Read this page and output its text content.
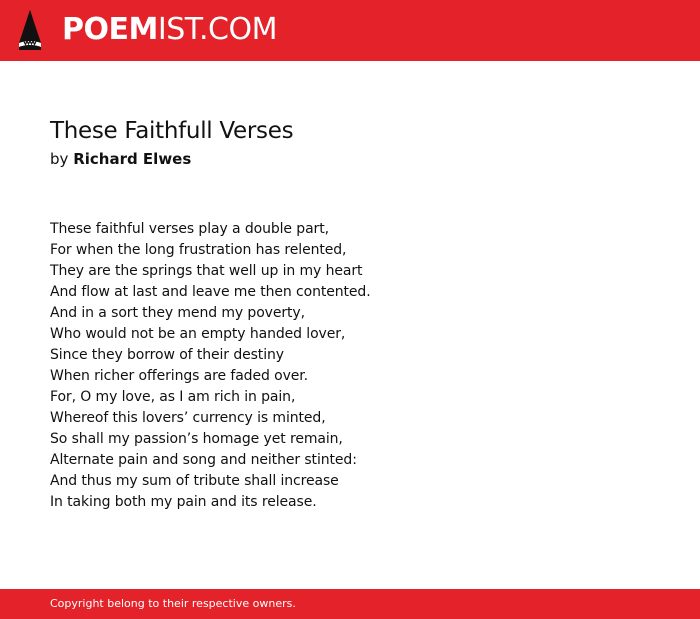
POEMIST.COM
These Faithfull Verses
by Richard Elwes
These faithful verses play a double part,
For when the long frustration has relented,
They are the springs that well up in my heart
And flow at last and leave me then contented.
And in a sort they mend my poverty,
Who would not be an empty handed lover,
Since they borrow of their destiny
When richer offerings are faded over.
For, O my love, as I am rich in pain,
Whereof this lovers’ currency is minted,
So shall my passion’s homage yet remain,
Alternate pain and song and neither stinted:
And thus my sum of tribute shall increase
In taking both my pain and its release.
Copyright belong to their respective owners.
